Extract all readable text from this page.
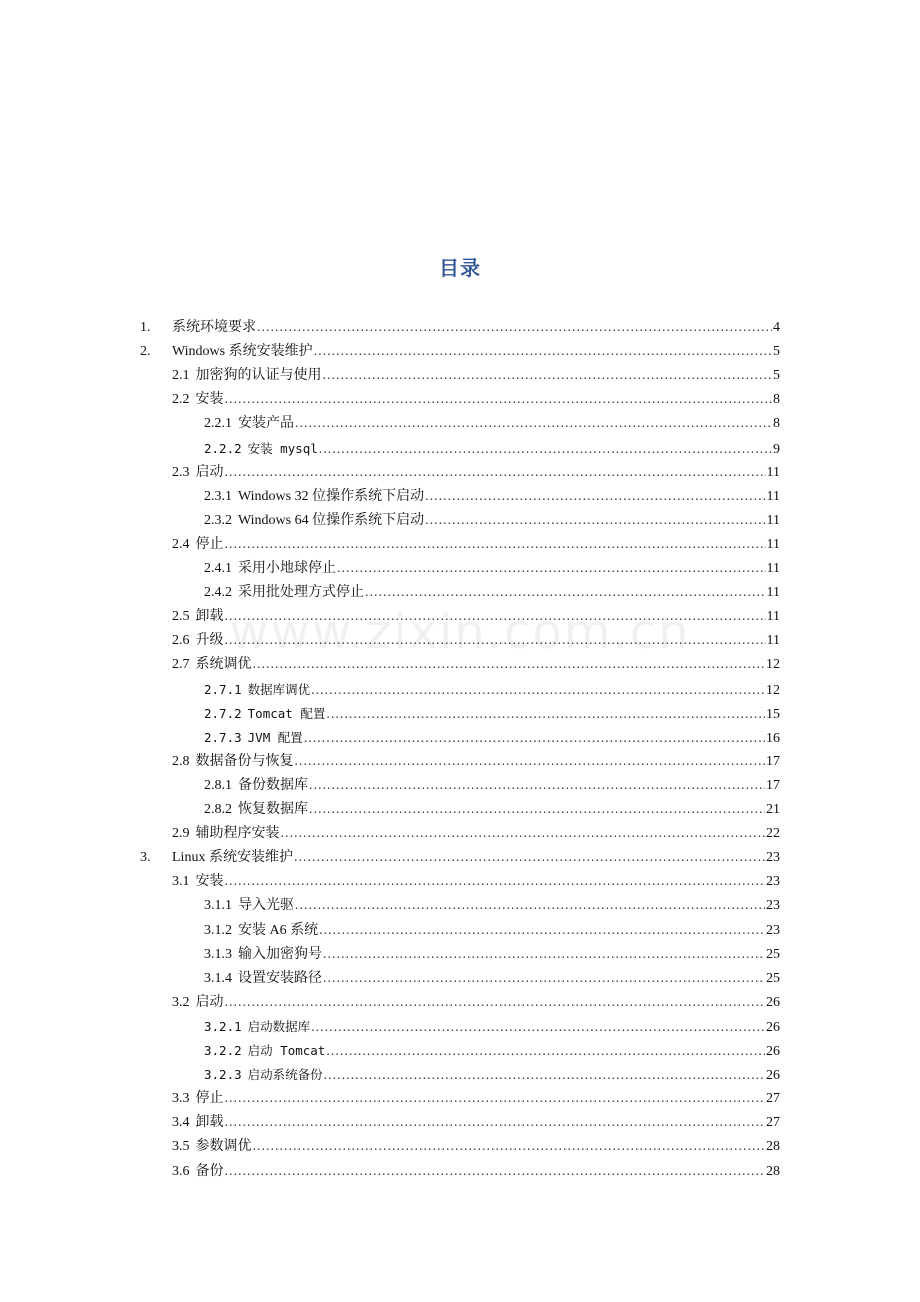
目录
www.zixin.com.cn
1.	系统环境要求 .....	4
2.	Windows 系统安装维护 .....	5
2.1 加密狗的认证与使用 .....	5
2.2 安装 .....	8
2.2.1 安装产品 .....	8
2.2.2 安装 mysql .....	9
2.3 启动 .....	11
2.3.1 Windows 32 位操作系统下启动 .....	11
2.3.2 Windows 64 位操作系统下启动 .....	11
2.4 停止 .....	11
2.4.1 采用小地球停止 .....	11
2.4.2 采用批处理方式停止 .....	11
2.5 卸载 .....	11
2.6 升级 .....	11
2.7 系统调优 .....	12
2.7.1 数据库调优 .....	12
2.7.2 Tomcat 配置 .....	15
2.7.3 JVM 配置 .....	16
2.8 数据备份与恢复 .....	17
2.8.1 备份数据库 .....	17
2.8.2 恢复数据库 .....	21
2.9 辅助程序安装 .....	22
3.	Linux 系统安装维护 .....	23
3.1 安装 .....	23
3.1.1 导入光驱 .....	23
3.1.2 安装 A6 系统 .....	23
3.1.3 输入加密狗号 .....	25
3.1.4 设置安装路径 .....	25
3.2 启动 .....	26
3.2.1 启动数据库 .....	26
3.2.2 启动 Tomcat .....	26
3.2.3 启动系统备份 .....	26
3.3 停止 .....	27
3.4 卸载 .....	27
3.5 参数调优 .....	28
3.6 备份 .....	28
